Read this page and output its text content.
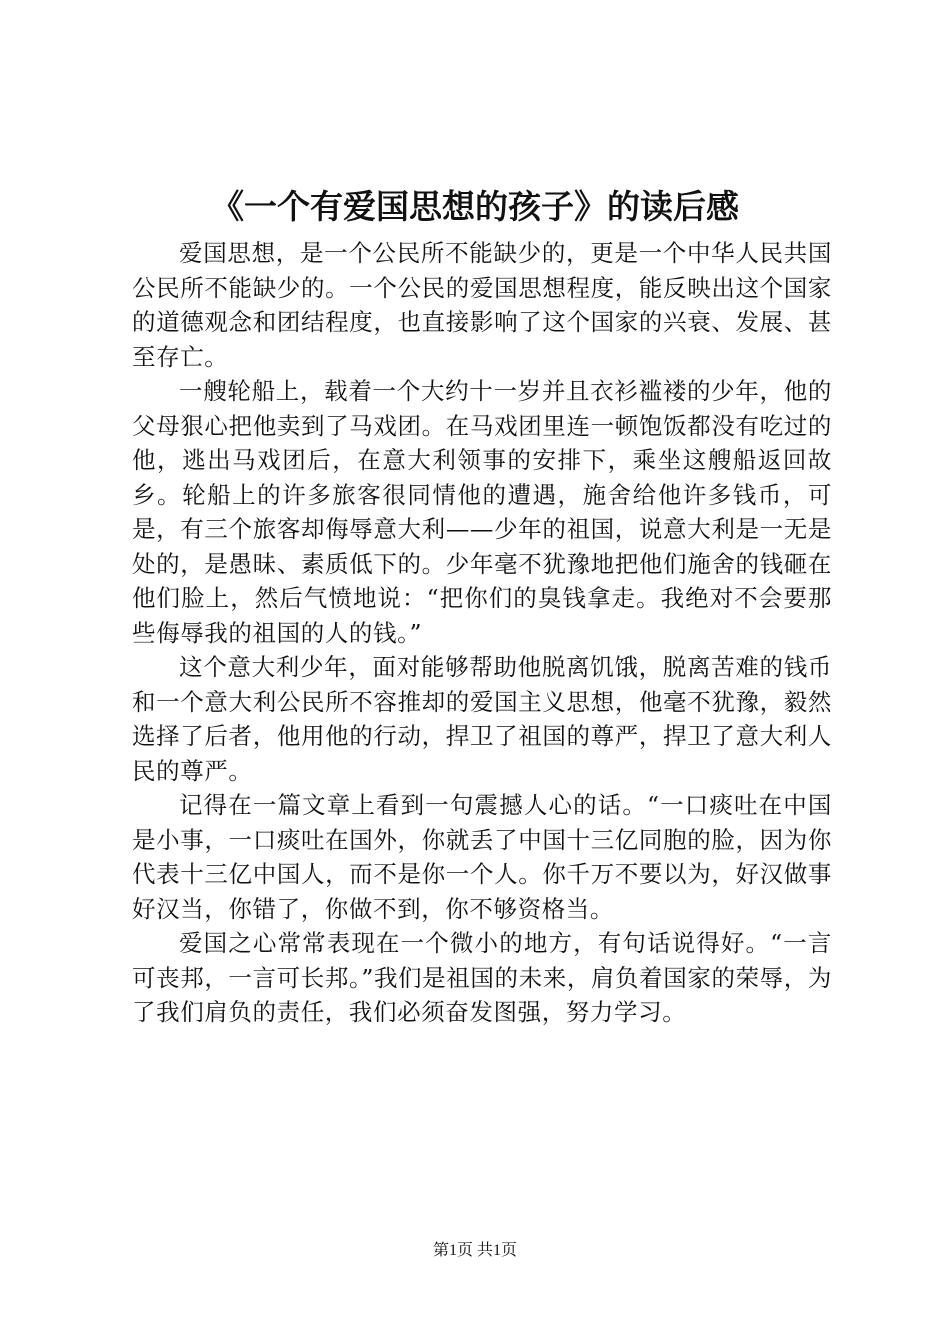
《一个有爱国思想的孩子》的读后感

爱国思想，是一个公民所不能缺少的，更是一个中华人民共国公民所不能缺少的。一个公民的爱国思想程度，能反映出这个国家的道德观念和团结程度，也直接影响了这个国家的兴衰、发展、甚至存亡。

一艘轮船上，载着一个大约十一岁并且衣衫褴褛的少年，他的父母狠心把他卖到了马戏团。在马戏团里连一顿饱饭都没有吃过的他，逃出马戏团后，在意大利领事的安排下，乘坐这艘船返回故乡。轮船上的许多旅客很同情他的遭遇，施舍给他许多钱币，可是，有三个旅客却侮辱意大利——少年的祖国，说意大利是一无是处的，是愚昧、素质低下的。少年毫不犹豫地把他们施舍的钱砸在他们脸上，然后气愤地说：“把你们的臭钱拿走。我绝对不会要那些侮辱我的祖国的人的钱。”

这个意大利少年，面对能够帮助他脱离饥饿，脱离苦难的钱币和一个意大利公民所不容推却的爱国主义思想，他毫不犹豫，毅然选择了后者，他用他的行动，捍卫了祖国的尊严，捍卫了意大利人民的尊严。

记得在一篇文章上看到一句震撼人心的话。“一口痰吐在中国是小事，一口痰吐在国外，你就丢了中国十三亿同胞的脸，因为你代表十三亿中国人，而不是你一个人。你千万不要以为，好汉做事好汉当，你错了，你做不到，你不够资格当。

爱国之心常常表现在一个微小的地方，有句话说得好。“一言可丧邦，一言可长邦。”我们是祖国的未来，肩负着国家的荣辱，为了我们肩负的责任，我们必须奋发图强，努力学习。

第1页 共1页
